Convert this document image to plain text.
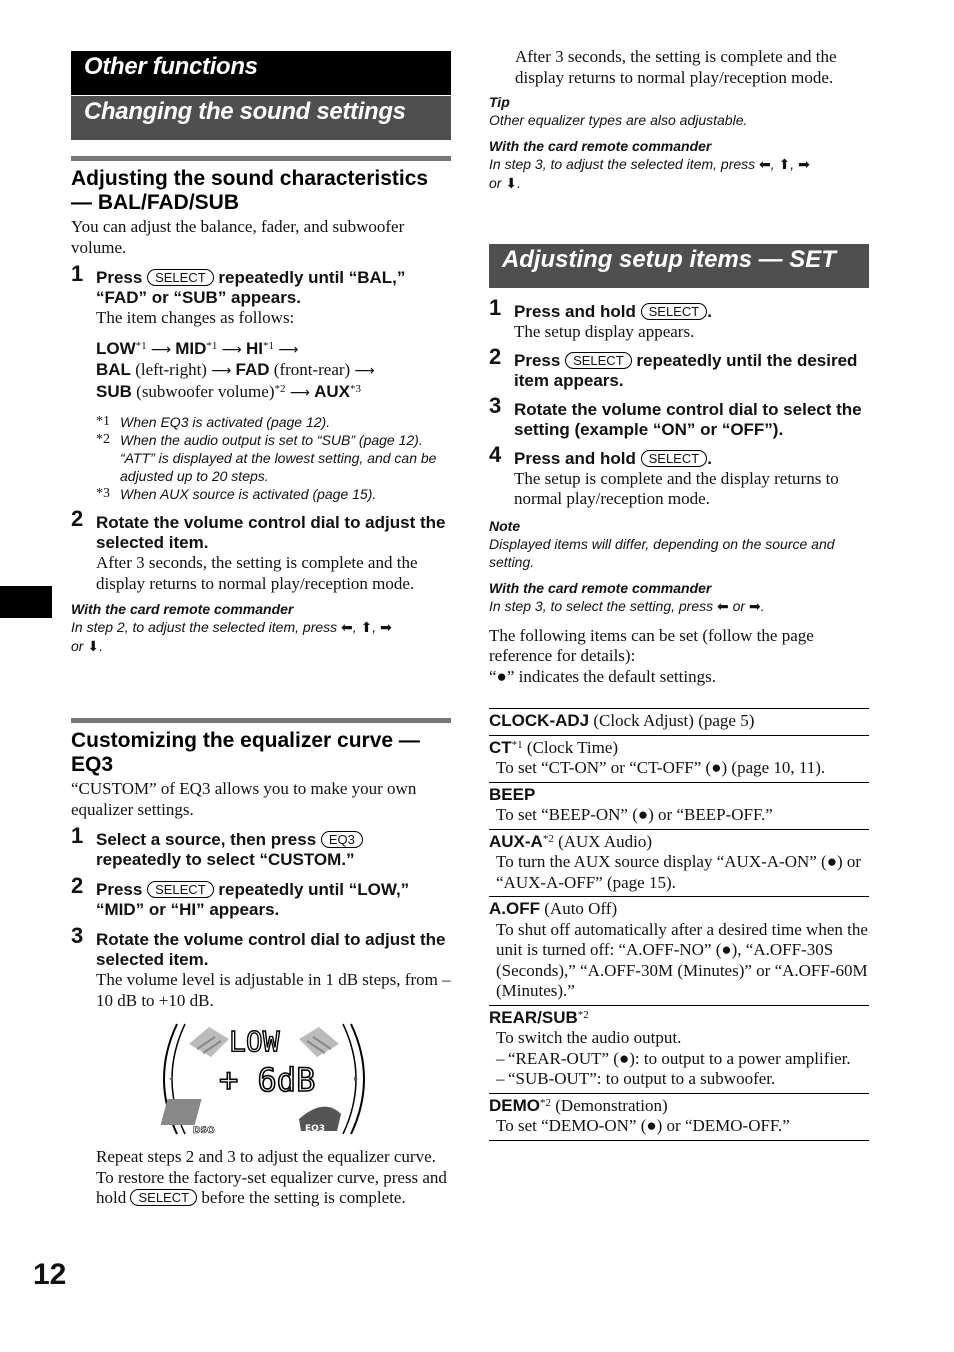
Other functions
Changing the sound settings
Adjusting the sound characteristics — BAL/FAD/SUB

You can adjust the balance, fader, and subwoofer volume.

1 Press SELECT repeatedly until “BAL,” “FAD” or “SUB” appears.
The item changes as follows:
LOW$^{*1}$ ⟶ MID$^{*1}$ ⟶ HI$^{*1}$ ⟶
BAL (left-right) ⟶ FAD (front-rear) ⟶
SUB (subwoofer volume)$^{*2}$ ⟶ AUX$^{*3}$
*1 When EQ3 is activated (page 12).
*2 When the audio output is set to “SUB” (page 12).
“ATT” is displayed at the lowest setting, and can be adjusted up to 20 steps.
*3 When AUX source is activated (page 15).
2 Rotate the volume control dial to adjust the selected item.
After 3 seconds, the setting is complete and the display returns to normal play/reception mode.
With the card remote commander
In step 2, to adjust the selected item, press ⬅, ⬆, ➡
or ⬇.
Customizing the equalizer curve — EQ3

“CUSTOM” of EQ3 allows you to make your own equalizer settings.

1 Select a source, then press EQ3
repeatedly to select “CUSTOM.”
2 Press SELECT repeatedly until “LOW,” “MID” or “HI” appears.
3 Rotate the volume control dial to adjust the selected item.
The volume level is adjustable in 1 dB steps, from –10 dB to +10 dB.
◂	▸
LOW
+ 6dB
DSO	EQ3
Repeat steps 2 and 3 to adjust the equalizer curve.
To restore the factory-set equalizer curve, press and hold SELECT before the setting is complete.
After 3 seconds, the setting is complete and the display returns to normal play/reception mode.
Tip
Other equalizer types are also adjustable.
With the card remote commander
In step 3, to adjust the selected item, press ⬅, ⬆, ➡
or ⬇.
Adjusting setup items — SET
1 Press and hold SELECT .
The setup display appears.
2 Press SELECT repeatedly until the desired item appears.
3 Rotate the volume control dial to select the setting (example “ON” or “OFF”).
4 Press and hold SELECT .
The setup is complete and the display returns to normal play/reception mode.
Note
Displayed items will differ, depending on the source and setting.
With the card remote commander
In step 3, to select the setting, press ⬅ or ➡.
The following items can be set (follow the page reference for details):
“●” indicates the default settings.
CLOCK-ADJ (Clock Adjust) (page 5)
CT$^{*1}$ (Clock Time)
To set “CT-ON” or “CT-OFF” (●) (page 10, 11).

BEEP
To set “BEEP-ON” (●) or “BEEP-OFF.”

AUX-$A^{*2}$ (AUX Audio)
To turn the AUX source display “AUX-A-ON” (●) or “AUX-A-OFF” (page 15).

A.OFF (Auto Off)
To shut off automatically after a desired time when the unit is turned off: “A.OFF-NO” (●), “A.OFF-30S (Seconds),” “A.OFF-30M (Minutes)” or “A.OFF-60M (Minutes).”

REAR/SUB$^{*2}$
To switch the audio output.
– “REAR-OUT” (●): to output to a power amplifier.
– “SUB-OUT”: to output to a subwoofer.

DEMO$^{*2}$ (Demonstration)
To set “DEMO-ON” (●) or “DEMO-OFF.”
12
